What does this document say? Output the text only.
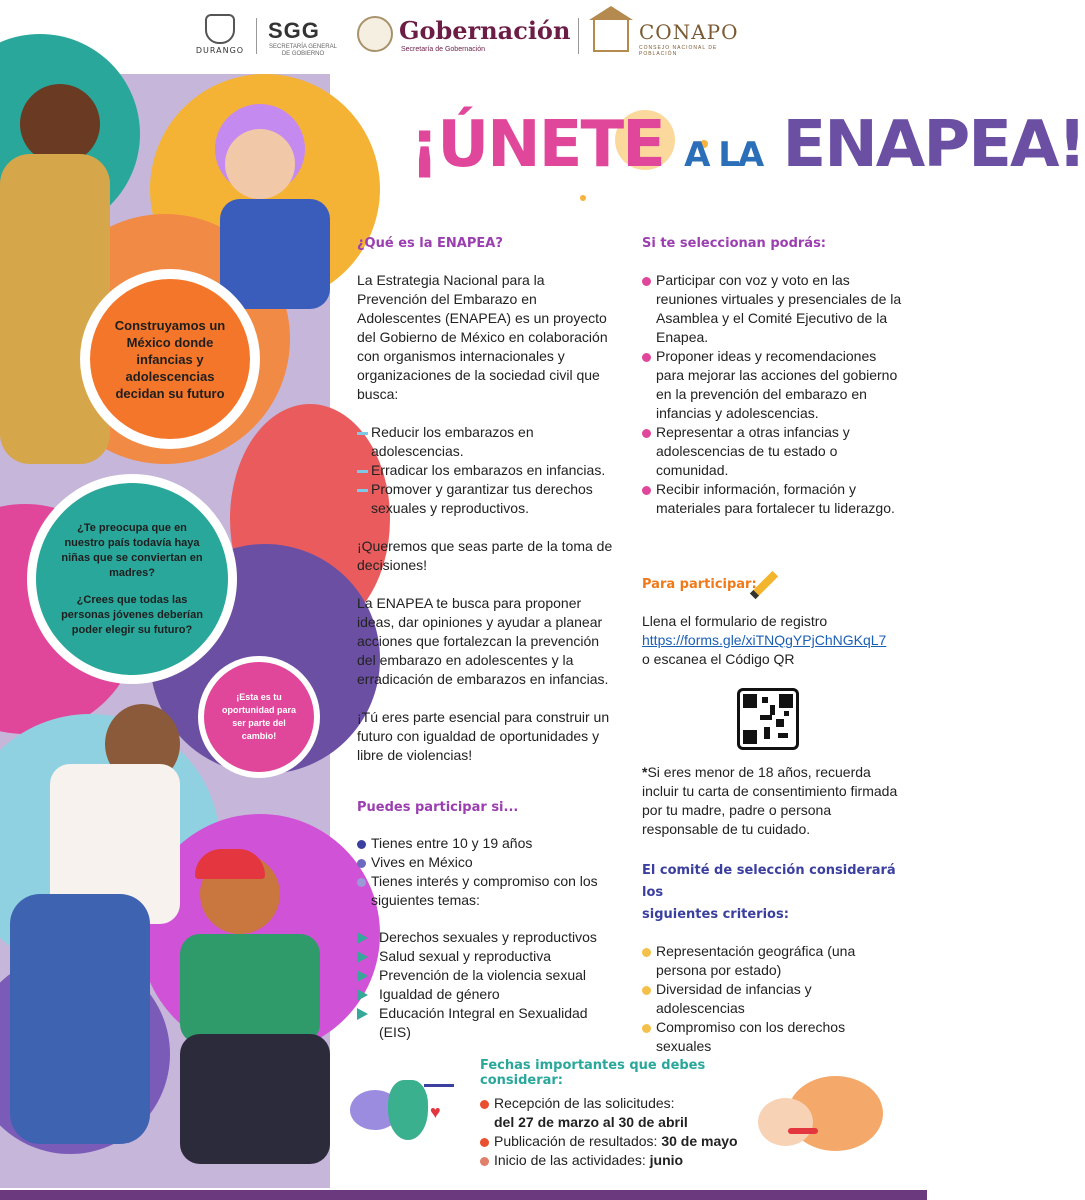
DURANGO
SGG
SECRETARÍA GENERAL
DE GOBIERNO
Gobernación
Secretaría de Gobernación
CONAPO
CONSEJO NACIONAL DE POBLACIÓN
Construyamos un México donde infancias y adolescencias decidan su futuro
¿Te preocupa que en nuestro país todavía haya niñas que se conviertan en madres?
¿Crees que todas las personas jóvenes deberían poder elegir su futuro?
¡Esta es tu oportunidad para ser parte del cambio!
¡ÚNETE A LA ENAPEA!
¿Qué es la ENAPEA?
La Estrategia Nacional para la Prevención del Embarazo en Adolescentes (ENAPEA) es un proyecto del Gobierno de México en colaboración con organismos internacionales y organizaciones de la sociedad civil que busca:
Reducir los embarazos en adolescencias.
Erradicar los embarazos en infancias.
Promover y garantizar tus derechos sexuales y reproductivos.
¡Queremos que seas parte de la toma de decisiones!
La ENAPEA te busca para proponer ideas, dar opiniones y ayudar a planear acciones que fortalezcan la prevención del embarazo en adolescentes y la erradicación de embarazos en infancias.
¡Tú eres parte esencial para construir un futuro con igualdad de oportunidades y libre de violencias!
Puedes participar si...
Tienes entre 10 y 19 años
Vives en México
Tienes interés y compromiso con los siguientes temas:
Derechos sexuales y reproductivos
Salud sexual y reproductiva
Prevención de la violencia sexual
Igualdad de género
Educación Integral en Sexualidad (EIS)
Si te seleccionan podrás:
Participar con voz y voto en las reuniones virtuales y presenciales de la Asamblea y el Comité Ejecutivo de la Enapea.
Proponer ideas y recomendaciones para mejorar las acciones del gobierno en la prevención del embarazo en infancias y adolescencias.
Representar a otras infancias y adolescencias de tu estado o comunidad.
Recibir información, formación y materiales para fortalecer tu liderazgo.
Para participar:
Llena el formulario de registro
https://forms.gle/xiTNQgYPjChNGKqL7
o escanea el Código QR
*Si eres menor de 18 años, recuerda incluir tu carta de consentimiento firmada por tu madre, padre o persona responsable de tu cuidado.
El comité de selección considerará los
siguientes criterios:
Representación geográfica (una persona por estado)
Diversidad de infancias y adolescencias
Compromiso con los derechos sexuales
Fechas importantes que debes considerar:
Recepción de las solicitudes:
del 27 de marzo al 30 de abril
Publicación de resultados: 30 de mayo
Inicio de las actividades: junio
♥
